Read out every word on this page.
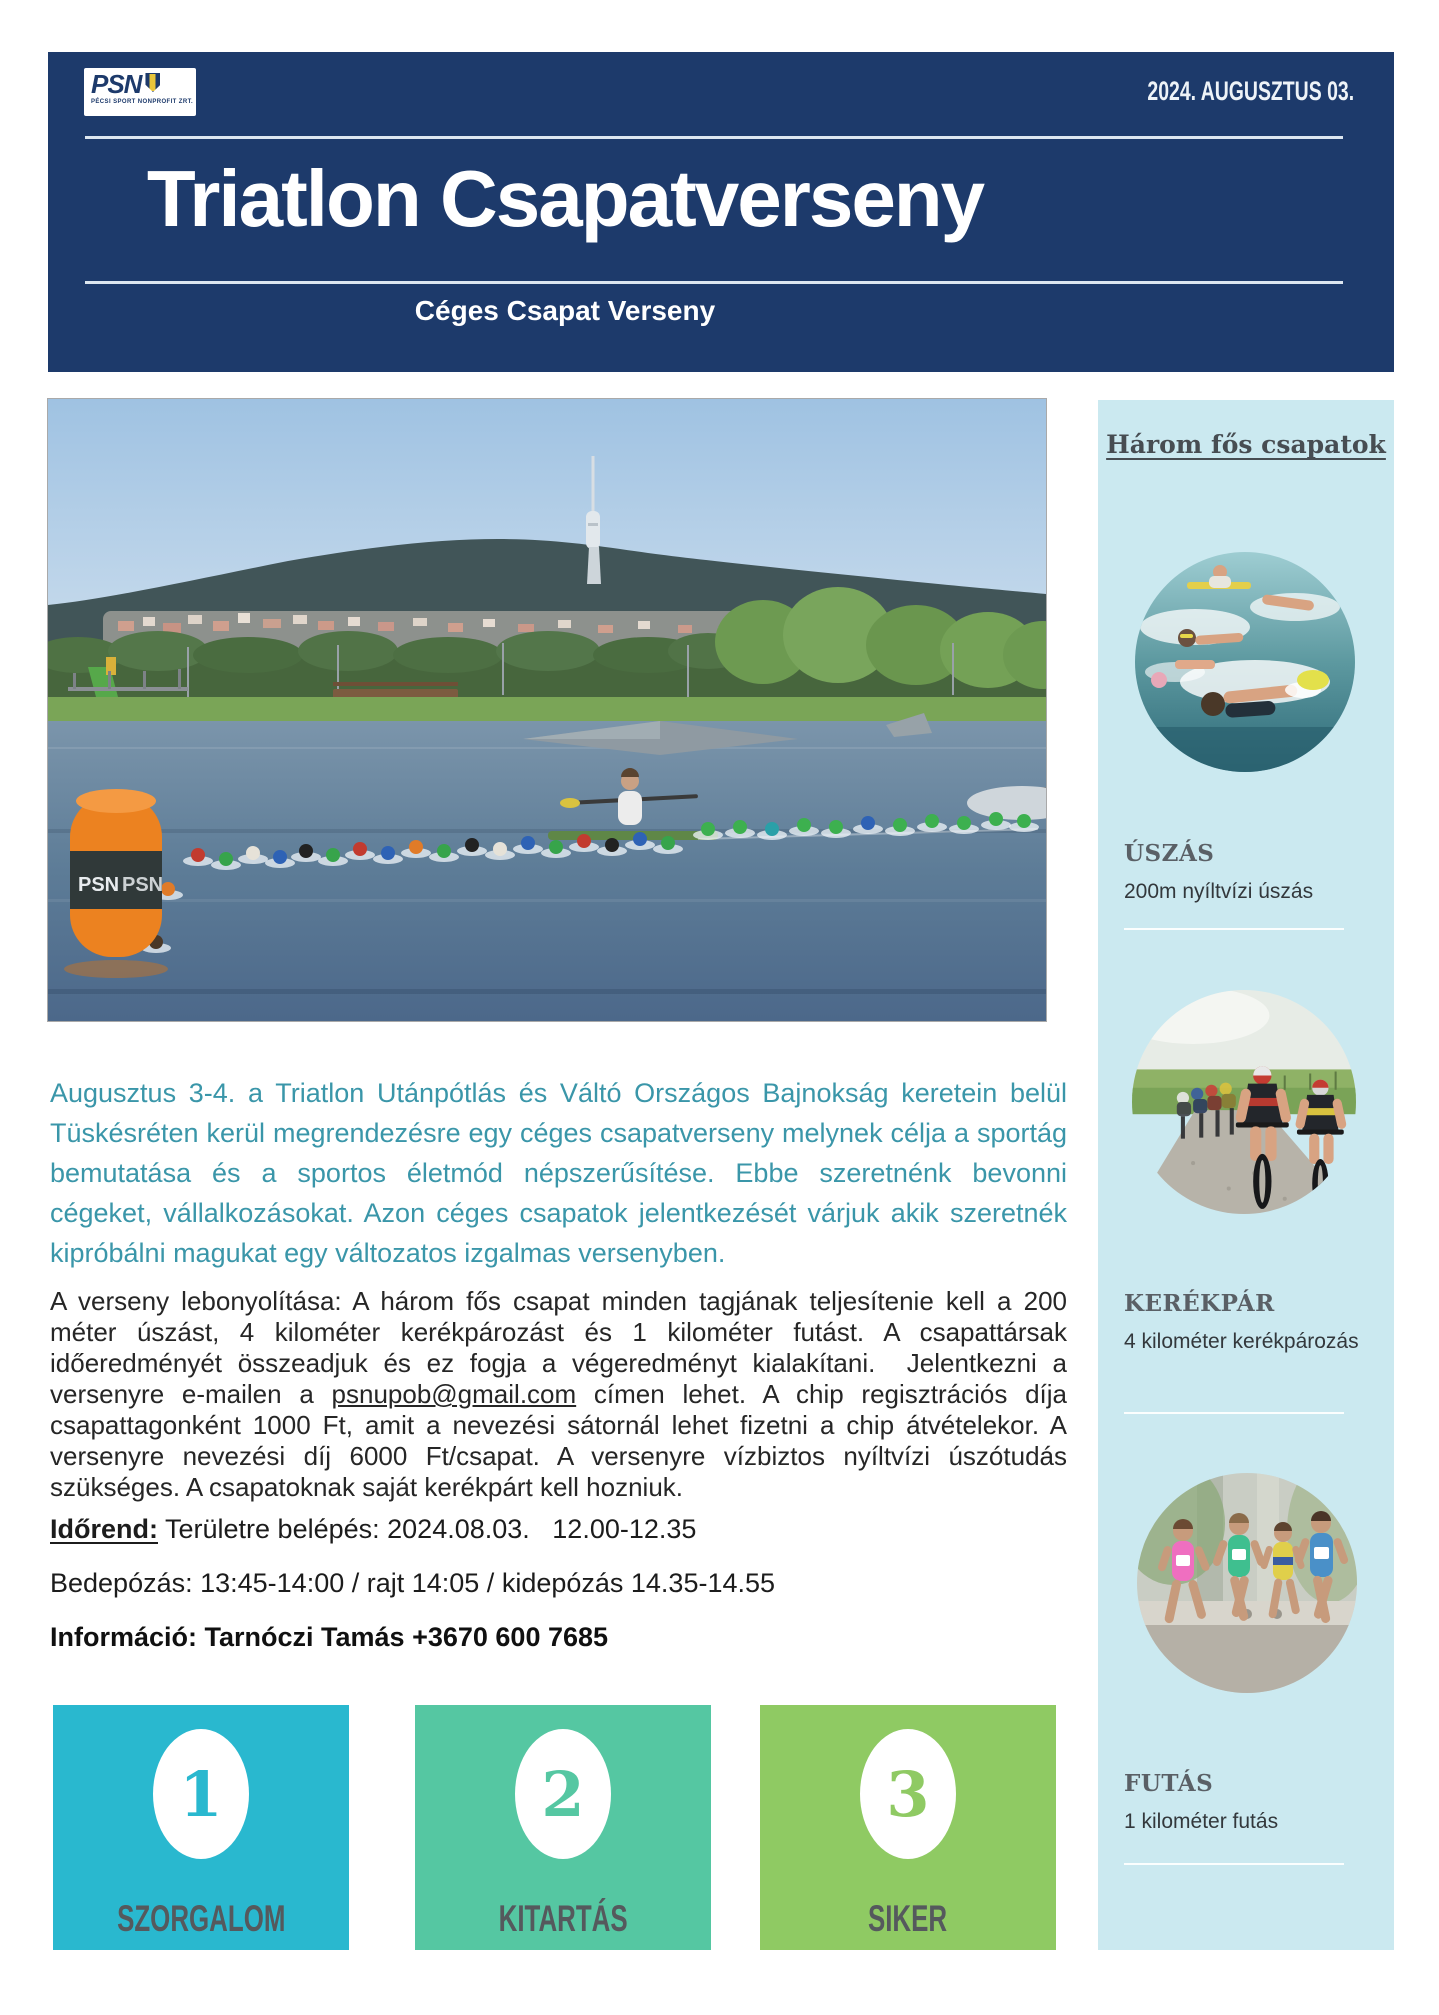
PSN
PÉCSI SPORT NONPROFIT ZRT.	2024. AUGUSZTUS 03.
Triatlon Csapatverseny
Céges Csapat Verseny
PSN PSN
Három fős csapatok
ÚSZÁS
200m nyíltvízi úszás
KERÉKPÁR
4 kilométer kerékpározás
FUTÁS
1 kilométer futás

Augusztus 3-4. a Triatlon Utánpótlás és Váltó Országos Bajnokság keretein belül Tüskésréten kerül megrendezésre egy céges csapatverseny melynek célja a sportág bemutatása és a sportos életmód népszerűsítése. Ebbe szeretnénk bevonni cégeket, vállalkozásokat. Azon céges csapatok jelentkezését várjuk akik szeretnék kipróbálni magukat egy változatos izgalmas versenyben.

A verseny lebonyolítása: A három fős csapat minden tagjának teljesítenie kell a 200 méter úszást, 4 kilométer kerékpározást és 1 kilométer futást. A csapattársak időeredményét összeadjuk és ez fogja a végeredményt kialakítani.  Jelentkezni a versenyre e-mailen a psnupob@gmail.com címen lehet. A chip regisztrációs díja csapattagonként 1000 Ft, amit a nevezési sátornál lehet fizetni a chip átvételekor. A versenyre nevezési díj 6000 Ft/csapat. A versenyre vízbiztos nyíltvízi úszótudás szükséges. A csapatoknak saját kerékpárt kell hozniuk.

Időrend: Területre belépés: 2024.08.03.   12.00-12.35

Bedepózás: 13:45-14:00 / rajt 14:05 / kidepózás 14.35-14.55

Információ: Tarnóczi Tamás +3670 600 7685

1
SZORGALOM
2
KITARTÁS
3
SIKER
